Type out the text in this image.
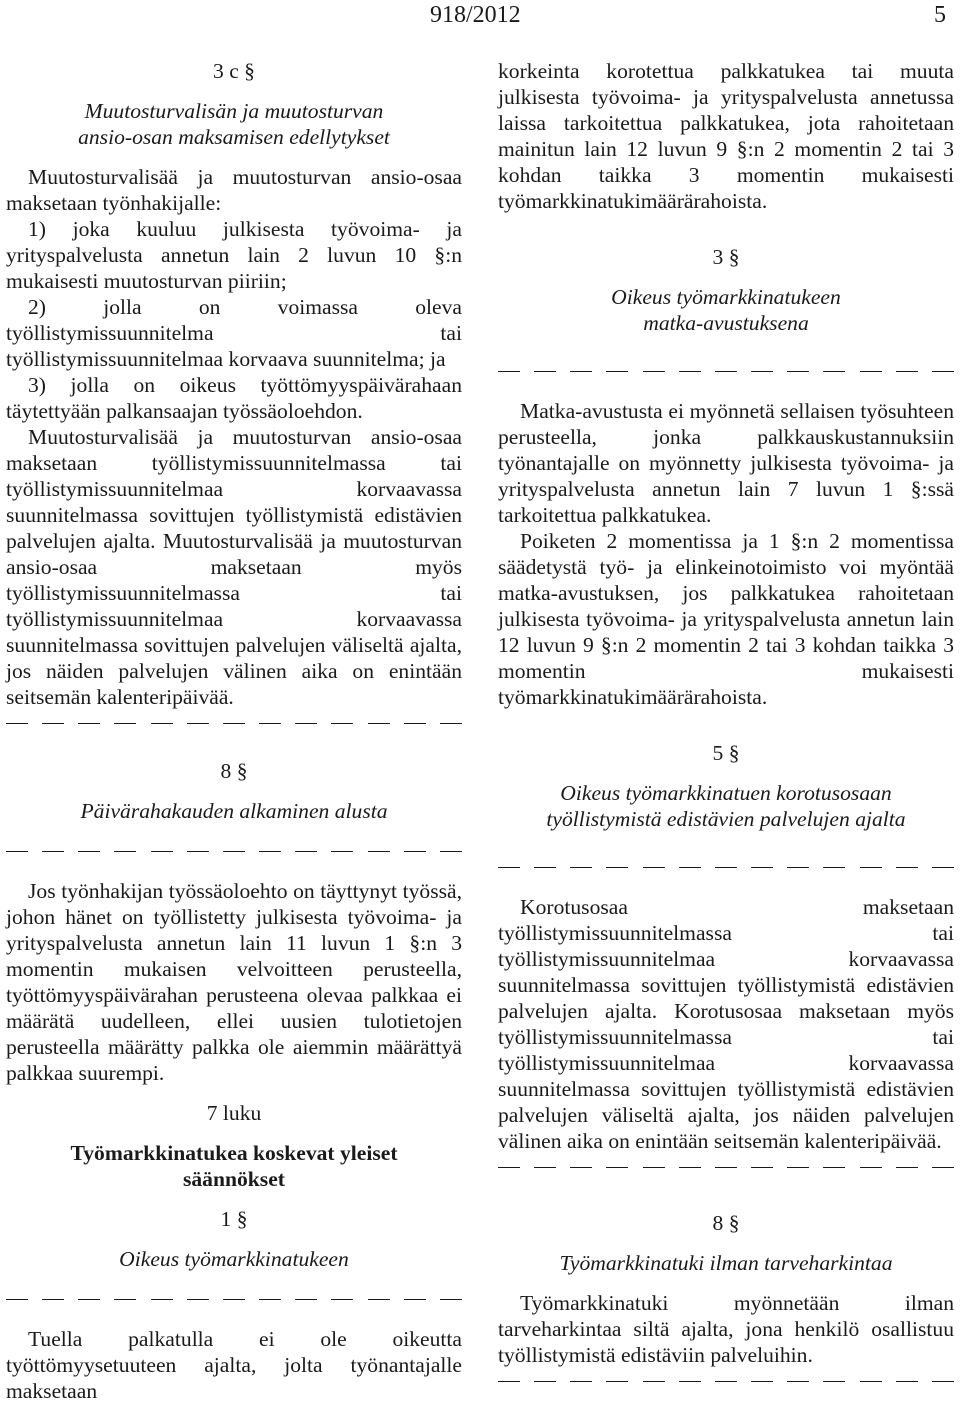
918/2012	5

3 c §

Muutosturvalisän ja muutosturvan

ansio-osan maksamisen edellytykset

Muutosturvalisää ja muutosturvan ansio-osaa maksetaan työnhakijalle:

1) joka kuuluu julkisesta työvoima- ja yrityspalvelusta annetun lain 2 luvun 10 §:n mukaisesti muutosturvan piiriin;

2) jolla on voimassa oleva työllistymissuunnitelma tai työllistymissuunnitelmaa korvaava suunnitelma; ja

3) jolla on oikeus työttömyyspäivärahaan täytettyään palkansaajan työssäoloehdon.

Muutosturvalisää ja muutosturvan ansio-osaa maksetaan työllistymissuunnitelmassa tai työllistymissuunnitelmaa korvaavassa suunnitelmassa sovittujen työllistymistä edistävien palvelujen ajalta. Muutosturvalisää ja muutosturvan ansio-osaa maksetaan myös työllistymissuunnitelmassa tai työllistymissuunnitelmaa korvaavassa suunnitelmassa sovittujen palvelujen väliseltä ajalta, jos näiden palvelujen välinen aika on enintään seitsemän kalenteripäivää.

8 §

Päivärahakauden alkaminen alusta

Jos työnhakijan työssäoloehto on täyttynyt työssä, johon hänet on työllistetty julkisesta työvoima- ja yrityspalvelusta annetun lain 11 luvun 1 §:n 3 momentin mukaisen velvoitteen perusteella, työttömyyspäivärahan perusteena olevaa palkkaa ei määrätä uudelleen, ellei uusien tulotietojen perusteella määrätty palkka ole aiemmin määrättyä palkkaa suurempi.

7 luku

Työmarkkinatukea koskevat yleiset

säännökset

1 §

Oikeus työmarkkinatukeen

Tuella palkatulla ei ole oikeutta työttömyysetuuteen ajalta, jolta työnantajalle maksetaan

korkeinta korotettua palkkatukea tai muuta julkisesta työvoima- ja yrityspalvelusta annetussa laissa tarkoitettua palkkatukea, jota rahoitetaan mainitun lain 12 luvun 9 §:n 2 momentin 2 tai 3 kohdan taikka 3 momentin mukaisesti työmarkkinatukimäärärahoista.

3 §

Oikeus työmarkkinatukeen

matka-avustuksena

Matka-avustusta ei myönnetä sellaisen työsuhteen perusteella, jonka palkkauskustannuksiin työnantajalle on myönnetty julkisesta työvoima- ja yrityspalvelusta annetun lain 7 luvun 1 §:ssä tarkoitettua palkkatukea.

Poiketen 2 momentissa ja 1 §:n 2 momentissa säädetystä työ- ja elinkeinotoimisto voi myöntää matka-avustuksen, jos palkkatukea rahoitetaan julkisesta työvoima- ja yrityspalvelusta annetun lain 12 luvun 9 §:n 2 momentin 2 tai 3 kohdan taikka 3 momentin mukaisesti työmarkkinatukimäärärahoista.

5 §

Oikeus työmarkkinatuen korotusosaan

työllistymistä edistävien palvelujen ajalta

Korotusosaa maksetaan työllistymissuunnitelmassa tai työllistymissuunnitelmaa korvaavassa suunnitelmassa sovittujen työllistymistä edistävien palvelujen ajalta. Korotusosaa maksetaan myös työllistymissuunnitelmassa tai työllistymissuunnitelmaa korvaavassa suunnitelmassa sovittujen työllistymistä edistävien palvelujen väliseltä ajalta, jos näiden palvelujen välinen aika on enintään seitsemän kalenteripäivää.

8 §

Työmarkkinatuki ilman tarveharkintaa

Työmarkkinatuki myönnetään ilman tarveharkintaa siltä ajalta, jona henkilö osallistuu työllistymistä edistäviin palveluihin.
